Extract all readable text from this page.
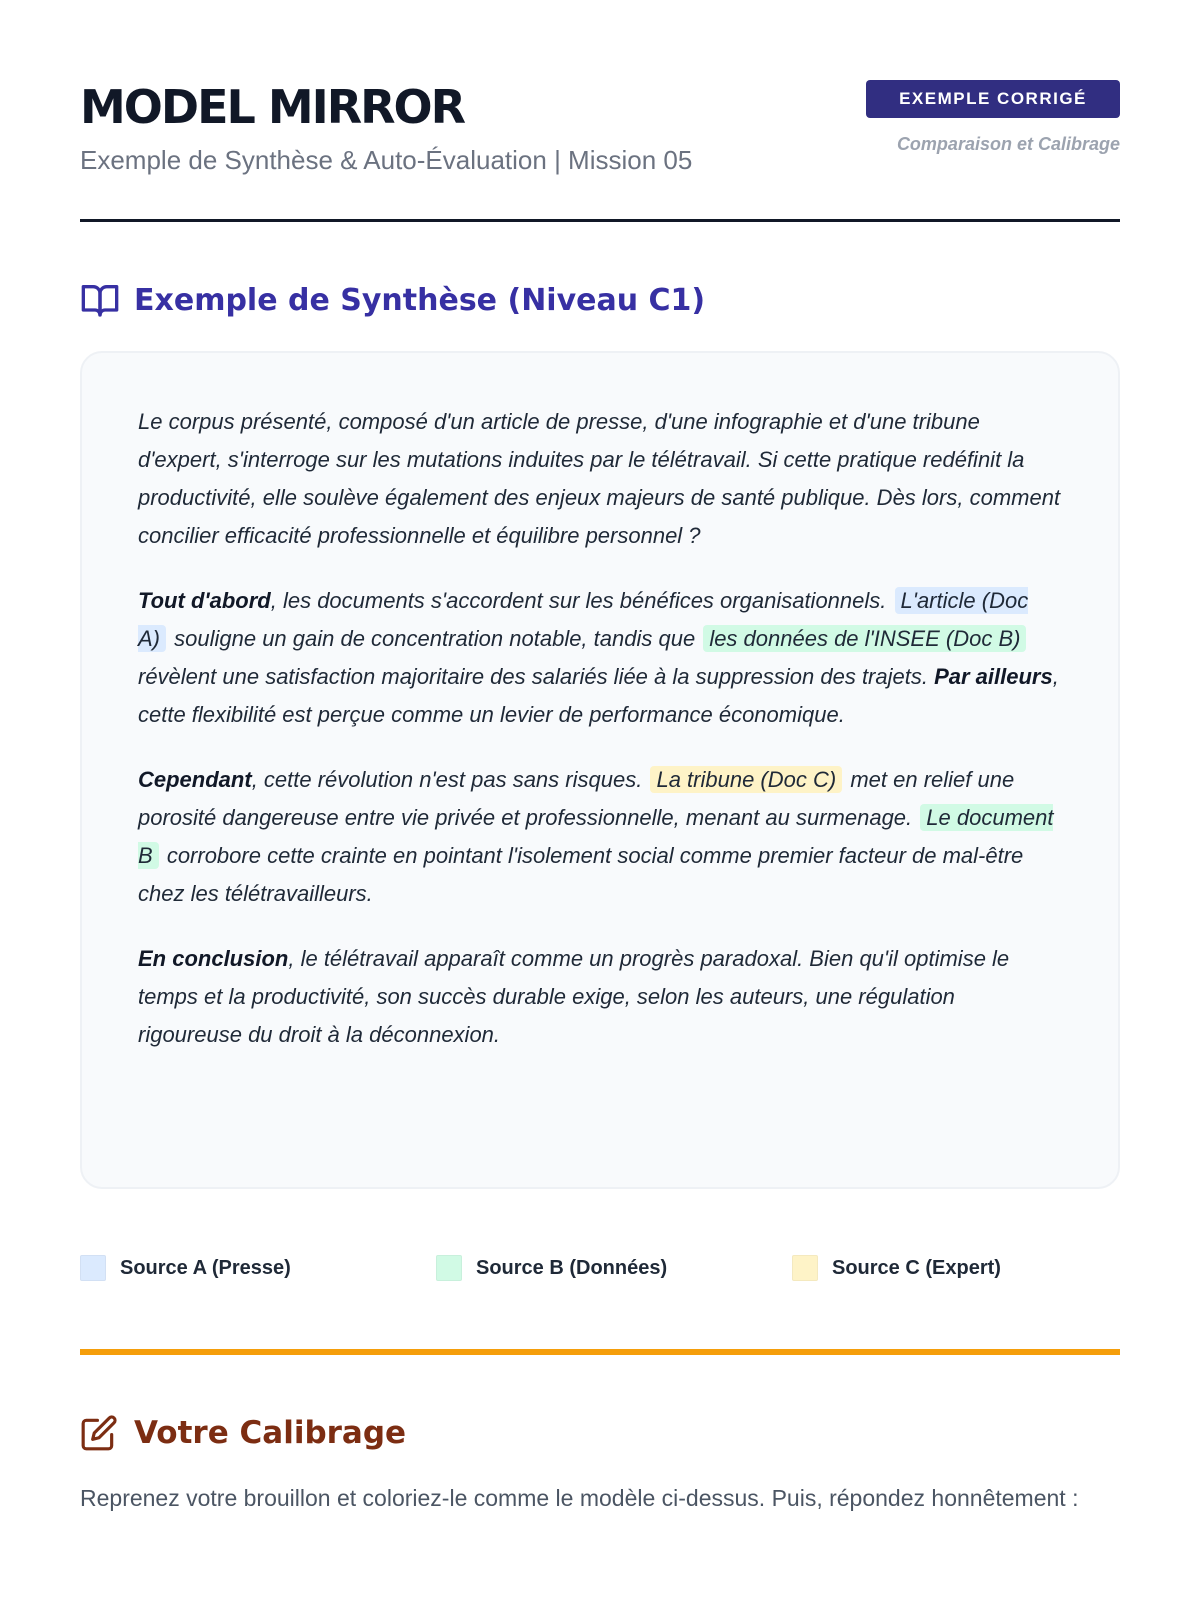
MODEL MIRROR
Exemple de Synthèse & Auto-Évaluation | Mission 05
EXEMPLE CORRIGÉ
Comparaison et Calibrage
Exemple de Synthèse (Niveau C1)

Le corpus présenté, composé d'un article de presse, d'une infographie et d'une tribune d'expert, s'interroge sur les mutations induites par le télétravail. Si cette pratique redéfinit la productivité, elle soulève également des enjeux majeurs de santé publique. Dès lors, comment concilier efficacité professionnelle et équilibre personnel ?

Tout d'abord, les documents s'accordent sur les bénéfices organisationnels. L'article (Doc A) souligne un gain de concentration notable, tandis que les données de l'INSEE (Doc B) révèlent une satisfaction majoritaire des salariés liée à la suppression des trajets. Par ailleurs, cette flexibilité est perçue comme un levier de performance économique.

Cependant, cette révolution n'est pas sans risques. La tribune (Doc C) met en relief une porosité dangereuse entre vie privée et professionnelle, menant au surmenage. Le document B corrobore cette crainte en pointant l'isolement social comme premier facteur de mal-être chez les télétravailleurs.

En conclusion, le télétravail apparaît comme un progrès paradoxal. Bien qu'il optimise le temps et la productivité, son succès durable exige, selon les auteurs, une régulation rigoureuse du droit à la déconnexion.

Source A (Presse)	Source B (Données)	Source C (Expert)
Votre Calibrage

Reprenez votre brouillon et coloriez-le comme le modèle ci-dessus. Puis, répondez honnêtement :
